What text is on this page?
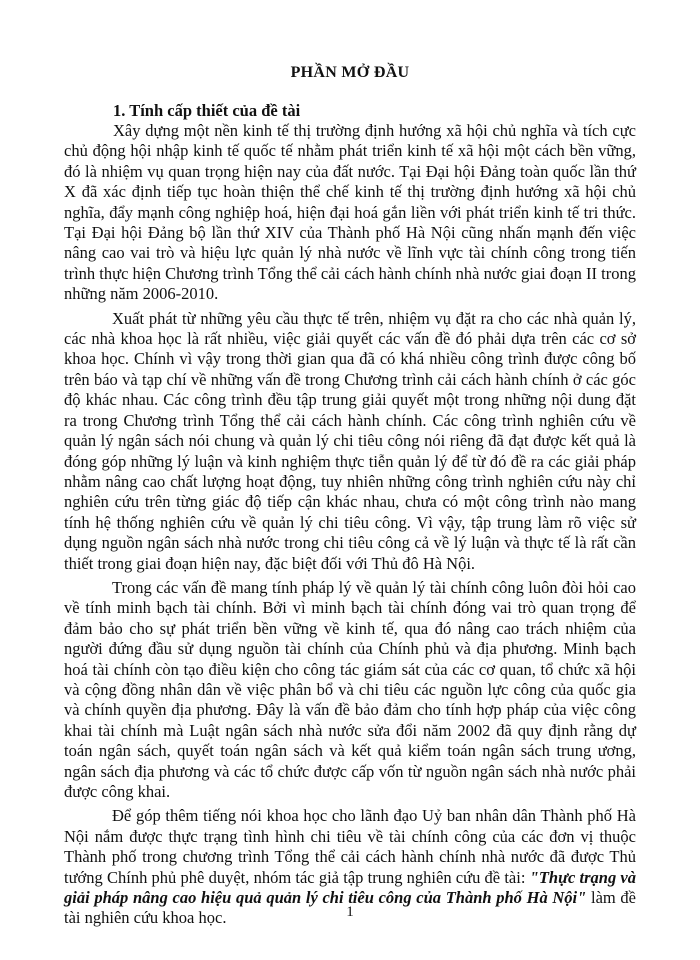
PHẦN MỞ ĐẦU
1. Tính cấp thiết của đề tài

Xây dựng một nền kinh tế thị trường định hướng xã hội chủ nghĩa và tích cực chủ động hội nhập kinh tế quốc tế nhằm phát triển kinh tế xã hội một cách bền vững, đó là nhiệm vụ quan trọng hiện nay của đất nước. Tại Đại hội Đảng toàn quốc lần thứ X đã xác định tiếp tục hoàn thiện thể chế kinh tế thị trường định hướng xã hội chủ nghĩa, đẩy mạnh công nghiệp hoá, hiện đại hoá gắn liền với phát triển kinh tế tri thức. Tại Đại hội Đảng bộ lần thứ XIV của Thành phố Hà Nội cũng nhấn mạnh đến việc nâng cao vai trò và hiệu lực quản lý nhà nước về lĩnh vực tài chính công trong tiến trình thực hiện Chương trình Tổng thể cải cách hành chính nhà nước giai đoạn II trong những năm 2006-2010.

Xuất phát từ những yêu cầu thực tế trên, nhiệm vụ đặt ra cho các nhà quản lý, các nhà khoa học là rất nhiều, việc giải quyết các vấn đề đó phải dựa trên các cơ sở khoa học. Chính vì vậy trong thời gian qua đã có khá nhiều công trình được công bố trên báo và tạp chí về những vấn đề trong Chương trình cải cách hành chính ở các góc độ khác nhau. Các công trình đều tập trung giải quyết một trong những nội dung đặt ra trong Chương trình Tổng thể cải cách hành chính. Các công trình nghiên cứu về quản lý ngân sách nói chung và quản lý chi tiêu công nói riêng đã đạt được kết quả là đóng góp những lý luận và kinh nghiệm thực tiễn quản lý để từ đó đề ra các giải pháp nhằm nâng cao chất lượng hoạt động, tuy nhiên những công trình nghiên cứu này chỉ nghiên cứu trên từng giác độ tiếp cận khác nhau, chưa có một công trình nào mang tính hệ thống nghiên cứu về quản lý chi tiêu công. Vì vậy, tập trung làm rõ việc sử dụng nguồn ngân sách nhà nước trong chi tiêu công cả về lý luận và thực tế là rất cần thiết trong giai đoạn hiện nay, đặc biệt đối với Thủ đô Hà Nội.

Trong các vấn đề mang tính pháp lý về quản lý tài chính công luôn đòi hỏi cao về tính minh bạch tài chính. Bởi vì minh bạch tài chính đóng vai trò quan trọng để đảm bảo cho sự phát triển bền vững về kinh tế, qua đó nâng cao trách nhiệm của người đứng đầu sử dụng nguồn tài chính của Chính phủ và địa phương. Minh bạch hoá tài chính còn tạo điều kiện cho công tác giám sát của các cơ quan, tổ chức xã hội và cộng đồng nhân dân về việc phân bổ và chi tiêu các nguồn lực công của quốc gia và chính quyền địa phương. Đây là vấn đề bảo đảm cho tính hợp pháp của việc công khai tài chính mà Luật ngân sách nhà nước sửa đổi năm 2002 đã quy định rằng dự toán ngân sách, quyết toán ngân sách và kết quả kiểm toán ngân sách trung ương, ngân sách địa phương và các tổ chức được cấp vốn từ nguồn ngân sách nhà nước phải được công khai.

Để góp thêm tiếng nói khoa học cho lãnh đạo Uỷ ban nhân dân Thành phố Hà Nội nắm được thực trạng tình hình chi tiêu về tài chính công của các đơn vị thuộc Thành phố trong chương trình Tổng thể cải cách hành chính nhà nước đã được Thủ tướng Chính phủ phê duyệt, nhóm tác giả tập trung nghiên cứu đề tài: "Thực trạng và giải pháp nâng cao hiệu quả quản lý chi tiêu công của Thành phố Hà Nội" làm đề tài nghiên cứu khoa học.	1
